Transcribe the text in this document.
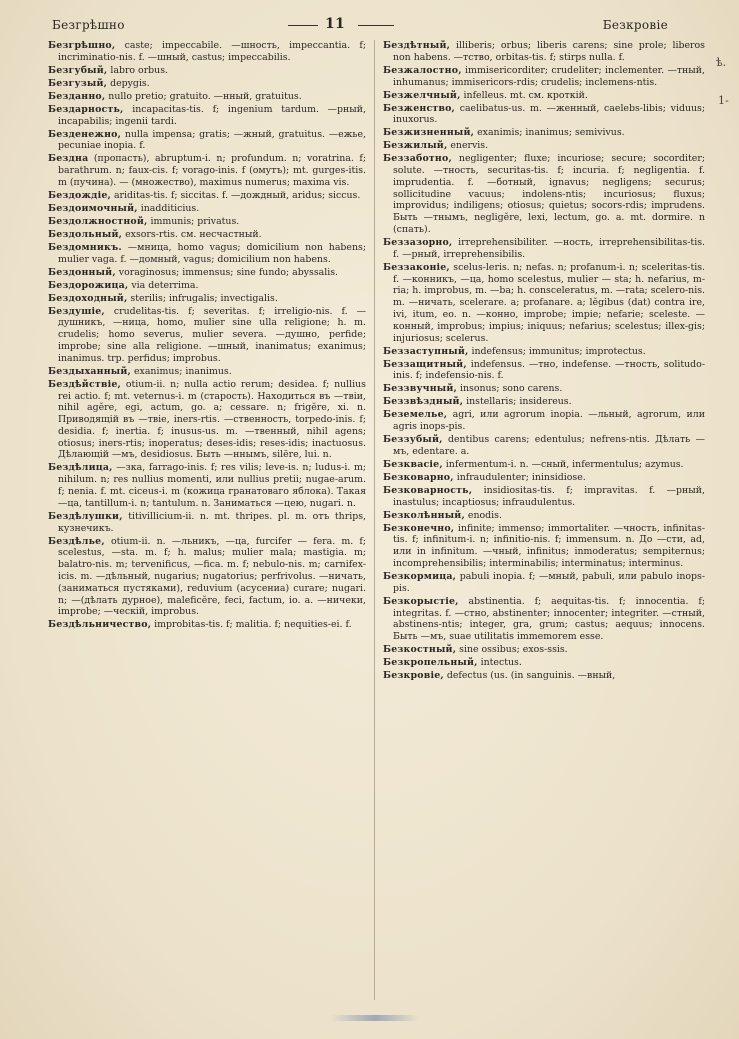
Безгрѣшно	11	Безкровіе

Безгрѣшно, caste; impeccabile. —шность, impeccantia. f; incriminatio-nis. f. —шный, castus; impeccabilis.

Безгубый, labro orbus.

Безгузый, depygis.

Безданно, nullo pretio; gratuito. —нный, gratuitus.

Бездарность, incapacitas-tis. f; ingenium tardum. —рный, incapabilis; ingenii tardi.

Безденежно, nulla impensa; gratis; —жный, gratuitus. —ежье, pecuniae inopia. f.

Бездна (пропасть), abruptum-i. n; profundum. n; voratrina. f; barathrum. n; faux-cis. f; vorago-inis. f (омутъ); mt. gurges-itis. m (пучина). — (множество), maximus numerus; maxima vis.

Бездождіе, ariditas-tis. f; siccitas. f. —дождный, aridus; siccus.

Бездоимочный, inadditicius.

Бездолжностной, immunis; privatus.

Бездольный, exsors-rtis. см. несчастный.

Бездомникъ. —мница, homo vagus; domicilium non habens; mulier vaga. f. —домный, vagus; domicilium non habens.

Бездонный, voraginosus; immensus; sine fundo; abyssalis.

Бездорожица, via deterrima.

Бездоходный, sterilis; infrugalis; invectigalis.

Бездушіе, crudelitas-tis. f; severitas. f; irreligio-nis. f. —душникъ, —ница, homo, mulier sine ulla religione; h. m. crudelis; homo severus, mulier severa. —душно, perfide; improbe; sine alla religione. —шный, inanimatus; exanimus; inanimus. trp. perfidus; improbus.

Бездыханный, exanimus; inanimus.

Бездѣйствіе, otium-ii. n; nulla actio rerum; desidea. f; nullius rei actio. f; mt. veternus-i. m (старость). Находиться въ —твіи, nihil agĕre, egi, actum, go. a; cessare. n; frigĕre, xi. n. Приводящій въ —твіе, iners-rtis. —ственность, torpedo-inis. f; desidia. f; inertia. f; inusus-us. m. —твенный, nihil agens; otiosus; iners-rtis; inoperatus; deses-idis; reses-idis; inactuosus. Дѣлающій —мъ, desidiosus. Быть —ннымъ, silēre, lui. n.

Бездѣлица, —зка, farrago-inis. f; res vilis; leve-is. n; ludus-i. m; nihilum. n; res nullius momenti, или nullius pretii; nugae-arum. f; nenia. f. mt. ciceus-i. m (кожица гранатоваго яблока). Такая —ца, tantillum-i. n; tantulum. n. Заниматься —цею, nugari. n.

Бездѣлушки, titivillicium-ii. n. mt. thripes. pl. m. отъ thrips, кузнечикъ.

Бездѣлье, otium-ii. n. —льникъ, —ца, furcifer — fera. m. f; scelestus, —sta. m. f; h. malus; mulier mala; mastigia. m; balatro-nis. m; tervenificus, —fica. m. f; nebulo-nis. m; carnifex-icis. m. —дѣльный, nugarius; nugatorius; perfrivolus. —ничать, (заниматься пустяками), reduvium (асусениа) curare; nugari. n; —(дѣлать дурное), maleficĕre, feci, factum, io. a. —ничеки, improbe; —ческій, improbus.

Бездѣльничество, improbitas-tis. f; malitia. f; nequities-ei. f.

Бездѣтный, illiberis; orbus; liberis carens; sine prole; liberos non habens. —тство, orbitas-tis. f; stirps nulla. f.

Безжалостно, immisericorditer; crudeliter; inclementer. —тный, inhumanus; immisericors-rdis; crudelis; inclemens-ntis.

Безжелчный, infelleus. mt. см. кроткій.

Безженство, caelibatus-us. m. —женный, caelebs-libis; viduus; inuxorus.

Безжизненный, exanimis; inanimus; semivivus.

Безжилый, enervis.

Беззаботно, negligenter; fluxe; incuriose; secure; socorditer; solute. —тность, securitas-tis. f; incuria. f; negligentia. f. imprudentia. f. —ботный, ignavus; negligens; securus; sollicitudine vacuus; indolens-ntis; incuriosus; fluxus; improvidus; indiligens; otiosus; quietus; socors-rdis; imprudens. Быть —тнымъ, negligĕre, lexi, lectum, go. a. mt. dormire. n (спать).

Беззазорно, irreprehensibiliter. —ность, irreprehensibilitas-tis. f. —рный, irreprehensibilis.

Беззаконіе, scelus-leris. n; nefas. n; profanum-i. n; sceleritas-tis. f. —конникъ, —ца, homo scelestus, mulier — sta; h. nefarius, m-ria; h. improbus, m. —ba; h. consceleratus, m. —rata; scelero-nis. m. —ничать, scelerare. a; profanare. a; lĕgibus (dat) contra ire, ivi, itum, eo. n. —конно, improbe; impie; nefarie; sceleste. —конный, improbus; impius; iniquus; nefarius; scelestus; illex-gis; injuriosus; scelerus.

Беззаступный, indefensus; immunitus; improtectus.

Беззащитный, indefensus. —тно, indefense. —тность, solitudo-inis. f; indefensio-nis. f.

Беззвучный, insonus; sono carens.

Беззвѣздный, instellaris; insidereus.

Беземелье, agri, или agrorum inopia. —льный, agrorum, или agris inops-pis.

Беззубый, dentibus carens; edentulus; nefrens-ntis. Дѣлать —мъ, edentare. a.

Безквасіе, infermentum-i. n. —сный, infermentulus; azymus.

Безковарно, infraudulenter; ininsidiose.

Безковарность, insidiositas-tis. f; impravitas. f. —рный, inastulus; incaptiosus; infraudulentus.

Безколѣнный, enodis.

Безконечно, infinite; immenso; immortaliter. —чность, infinitas-tis. f; infinitum-i. n; infinitio-nis. f; immensum. n. До —сти, ad, или in infinitum. —чный, infinitus; inmoderatus; sempiternus; incomprehensibilis; interminabilis; interminatus; interminus.

Безкормица, pabuli inopia. f; —мный, pabuli, или pabulo inops-pis.

Безкорыстіе, abstinentia. f; aequitas-tis. f; innocentia. f; integritas. f. —стно, abstinenter; innocenter; integriter. —стный, abstinens-ntis; integer, gra, grum; castus; aequus; innocens. Быть —мъ, suae utilitatis immemorem esse.

Безкостный, sine ossibus; exos-ssis.

Безкропельный, intectus.

Безкровіе, defectus (us. (in sanguinis. —вный,

ѣ.
1-
